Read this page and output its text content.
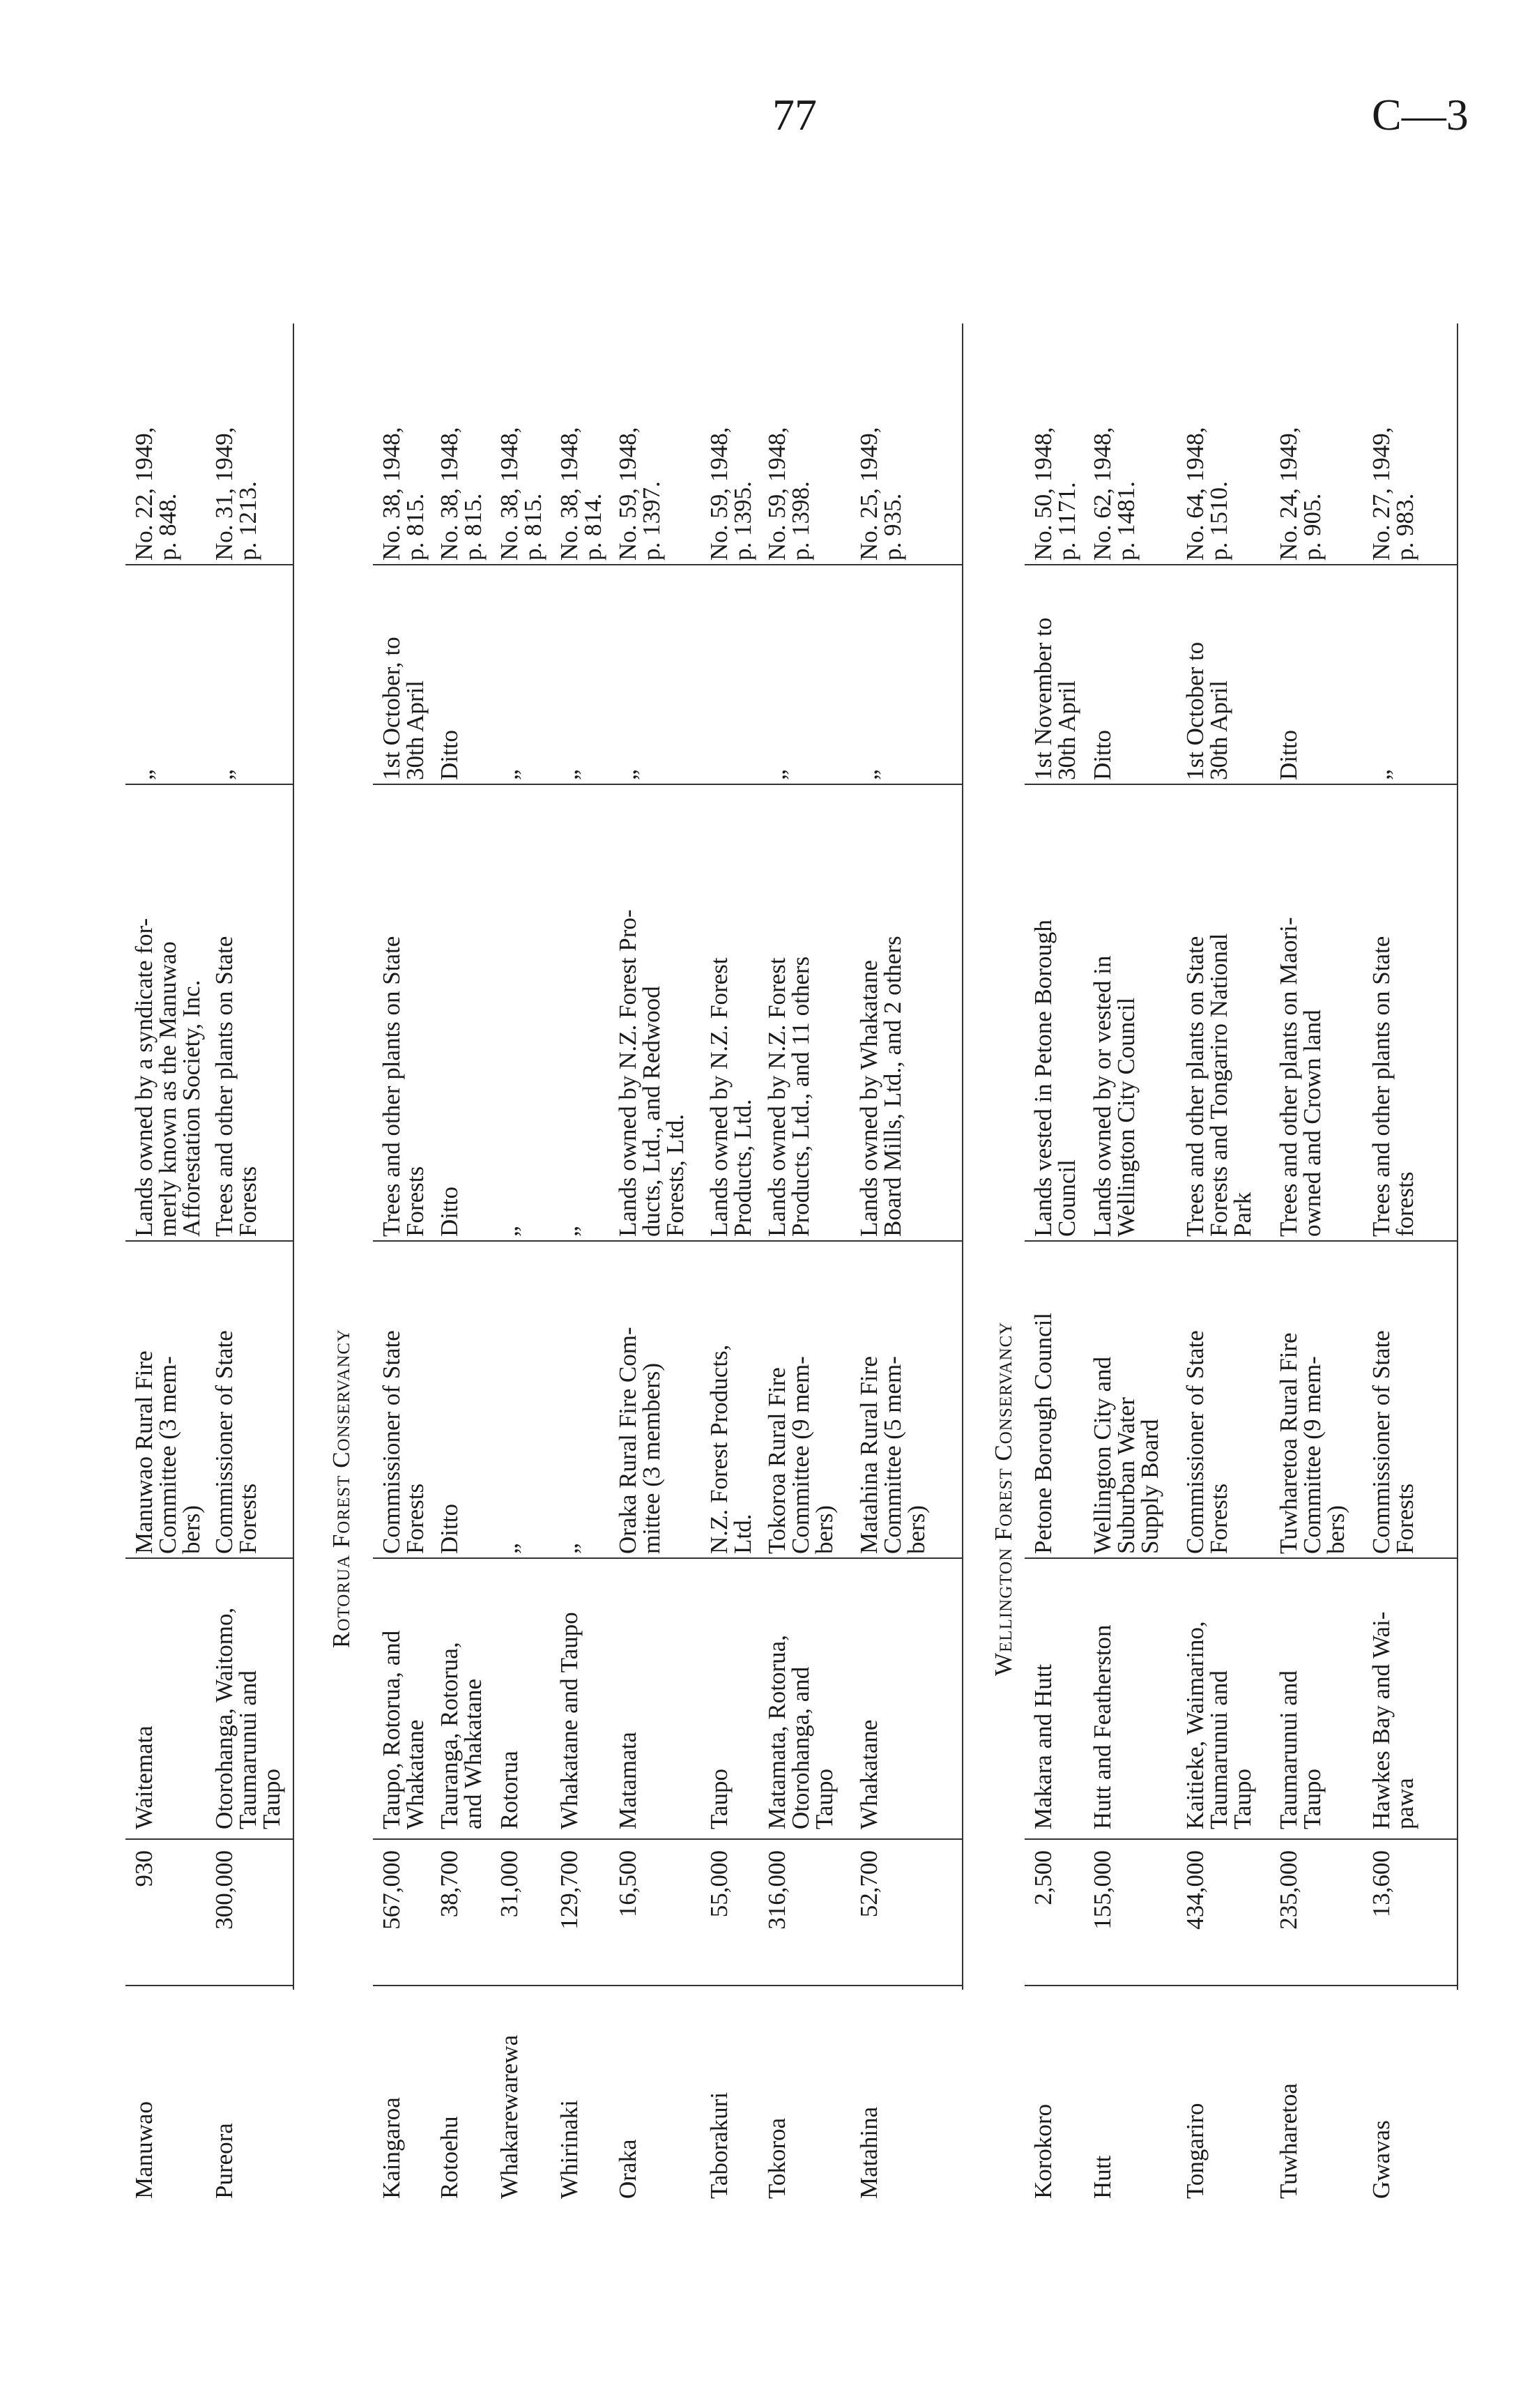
77	C—3
Manuwao
930
Waitemata
Manuwao Rural Fire
Committee (3 mem-
bers)
Lands owned by a syndicate for-
merly known as the Manuwao
Afforestation Society, Inc.
„
No. 22, 1949,
p. 848.
Pureora
300,000
Otorohanga, Waitomo,
Taumarunui and
Taupo
Commissioner of State
Forests
Trees and other plants on State
Forests
„
No. 31, 1949,
p. 1213.
Rotorua Forest Conservancy
Kaingaroa
567,000
Taupo, Rotorua, and
Whakatane
Commissioner of State
Forests
Trees and other plants on State
Forests
1st October, to
30th April
No. 38, 1948,
p. 815.
Rotoehu
38,700
Tauranga, Rotorua,
and Whakatane
Ditto
Ditto
Ditto
No. 38, 1948,
p. 815.
Whakarewarewa
31,000
Rotorua
„
„
„
No. 38, 1948,
p. 815.
Whirinaki
129,700
Whakatane and Taupo
„
„
„
No. 38, 1948,
p. 814.
Oraka
16,500
Matamata
Oraka Rural Fire Com-
mittee (3 members)
Lands owned by N.Z. Forest Pro-
ducts, Ltd., and Redwood
Forests, Ltd.
„
No. 59, 1948,
p. 1397.
Taborakuri
55,000
Taupo
N.Z. Forest Products,
Ltd.
Lands owned by N.Z. Forest
Products, Ltd.
No. 59, 1948,
p. 1395.
Tokoroa
316,000
Matamata, Rotorua,
Otorohanga, and
Taupo
Tokoroa Rural Fire
Committee (9 mem-
bers)
Lands owned by N.Z. Forest
Products, Ltd., and 11 others
„
No. 59, 1948,
p. 1398.
Matahina
52,700
Whakatane
Matahina Rural Fire
Committee (5 mem-
bers)
Lands owned by Whakatane
Board Mills, Ltd., and 2 others
„
No. 25, 1949,
p. 935.
Wellington Forest Conservancy
Korokoro
2,500
Makara and Hutt
Petone Borough Council
Lands vested in Petone Borough
Council
1st November to
30th April
No. 50, 1948,
p. 1171.
Hutt
155,000
Hutt and Featherston
Wellington City and
Suburban Water
Supply Board
Lands owned by or vested in
Wellington City Council
Ditto
No. 62, 1948,
p. 1481.
Tongariro
434,000
Kaitieke, Waimarino,
Taumarunui and
Taupo
Commissioner of State
Forests
Trees and other plants on State
Forests and Tongariro National
Park
1st October to
30th April
No. 64, 1948,
p. 1510.
Tuwharetoa
235,000
Taumarunui and
Taupo
Tuwharetoa Rural Fire
Committee (9 mem-
bers)
Trees and other plants on Maori-
owned and Crown land
Ditto
No. 24, 1949,
p. 905.
Gwavas
13,600
Hawkes Bay and Wai-
pawa
Commissioner of State
Forests
Trees and other plants on State
forests
„
No. 27, 1949,
p. 983.
